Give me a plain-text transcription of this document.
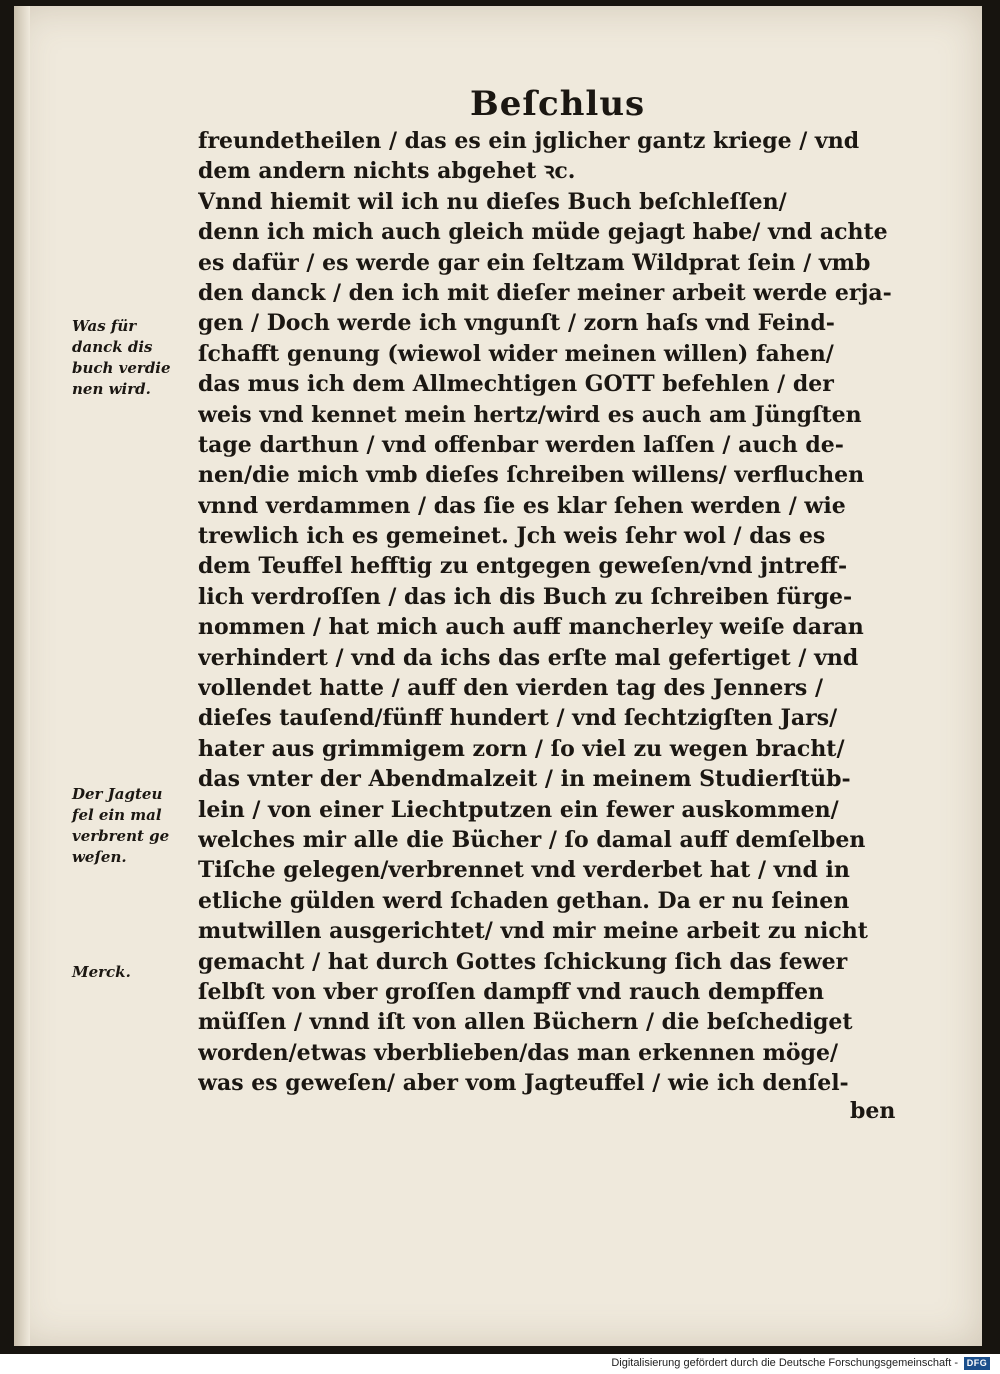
Beſchlus
freundetheilen / das es ein jglicher gantz kriege / vnd
dem andern nichts abgehet ꝛc.
Vnnd hiemit wil ich nu dieſes Buch beſchleſſen/
denn ich mich auch gleich müde gejagt habe/ vnd achte
es dafür / es werde gar ein ſeltzam Wildprat ſein / vmb
den danck / den ich mit dieſer meiner arbeit werde erja-
gen / Doch werde ich vngunſt / zorn haſs vnd Feind-
ſchafft genung (wiewol wider meinen willen) fahen/
das mus ich dem Allmechtigen GOTT befehlen / der
weis vnd kennet mein hertz/wird es auch am Jüngſten
tage darthun / vnd offenbar werden laſſen / auch de-
nen/die mich vmb dieſes ſchreiben willens/ verfluchen
vnnd verdammen / das ſie es klar ſehen werden / wie
trewlich ich es gemeinet. Jch weis ſehr wol / das es
dem Teuffel hefftig zu entgegen geweſen/vnd jntreff-
lich verdroſſen / das ich dis Buch zu ſchreiben fürge-
nommen / hat mich auch auff mancherley weiſe daran
verhindert / vnd da ichs das erſte mal gefertiget / vnd
vollendet hatte / auff den vierden tag des Jenners /
dieſes tauſend/fünff hundert / vnd ſechtzigſten Jars/
hater aus grimmigem zorn / ſo viel zu wegen bracht/
das vnter der Abendmalzeit / in meinem Studierſtüb-
lein / von einer Liechtputzen ein fewer auskommen/
welches mir alle die Bücher / ſo damal auff demſelben
Tiſche gelegen/verbrennet vnd verderbet hat / vnd in
etliche gülden werd ſchaden gethan. Da er nu ſeinen
mutwillen ausgerichtet/ vnd mir meine arbeit zu nicht
gemacht / hat durch Gottes ſchickung ſich das fewer
ſelbſt von vber groſſen dampff vnd rauch dempffen
müſſen / vnnd iſt von allen Büchern / die beſchediget
worden/etwas vberblieben/das man erkennen möge/
was es geweſen/ aber vom Jagteuffel / wie ich denſel-
ben
Was für
danck dis
buch verdie
nen wird.
Der Jagteu
fel ein mal
verbrent ge
weſen.
Merck.
Digitalisierung gefördert durch die Deutsche Forschungsgemeinschaft - DFG
